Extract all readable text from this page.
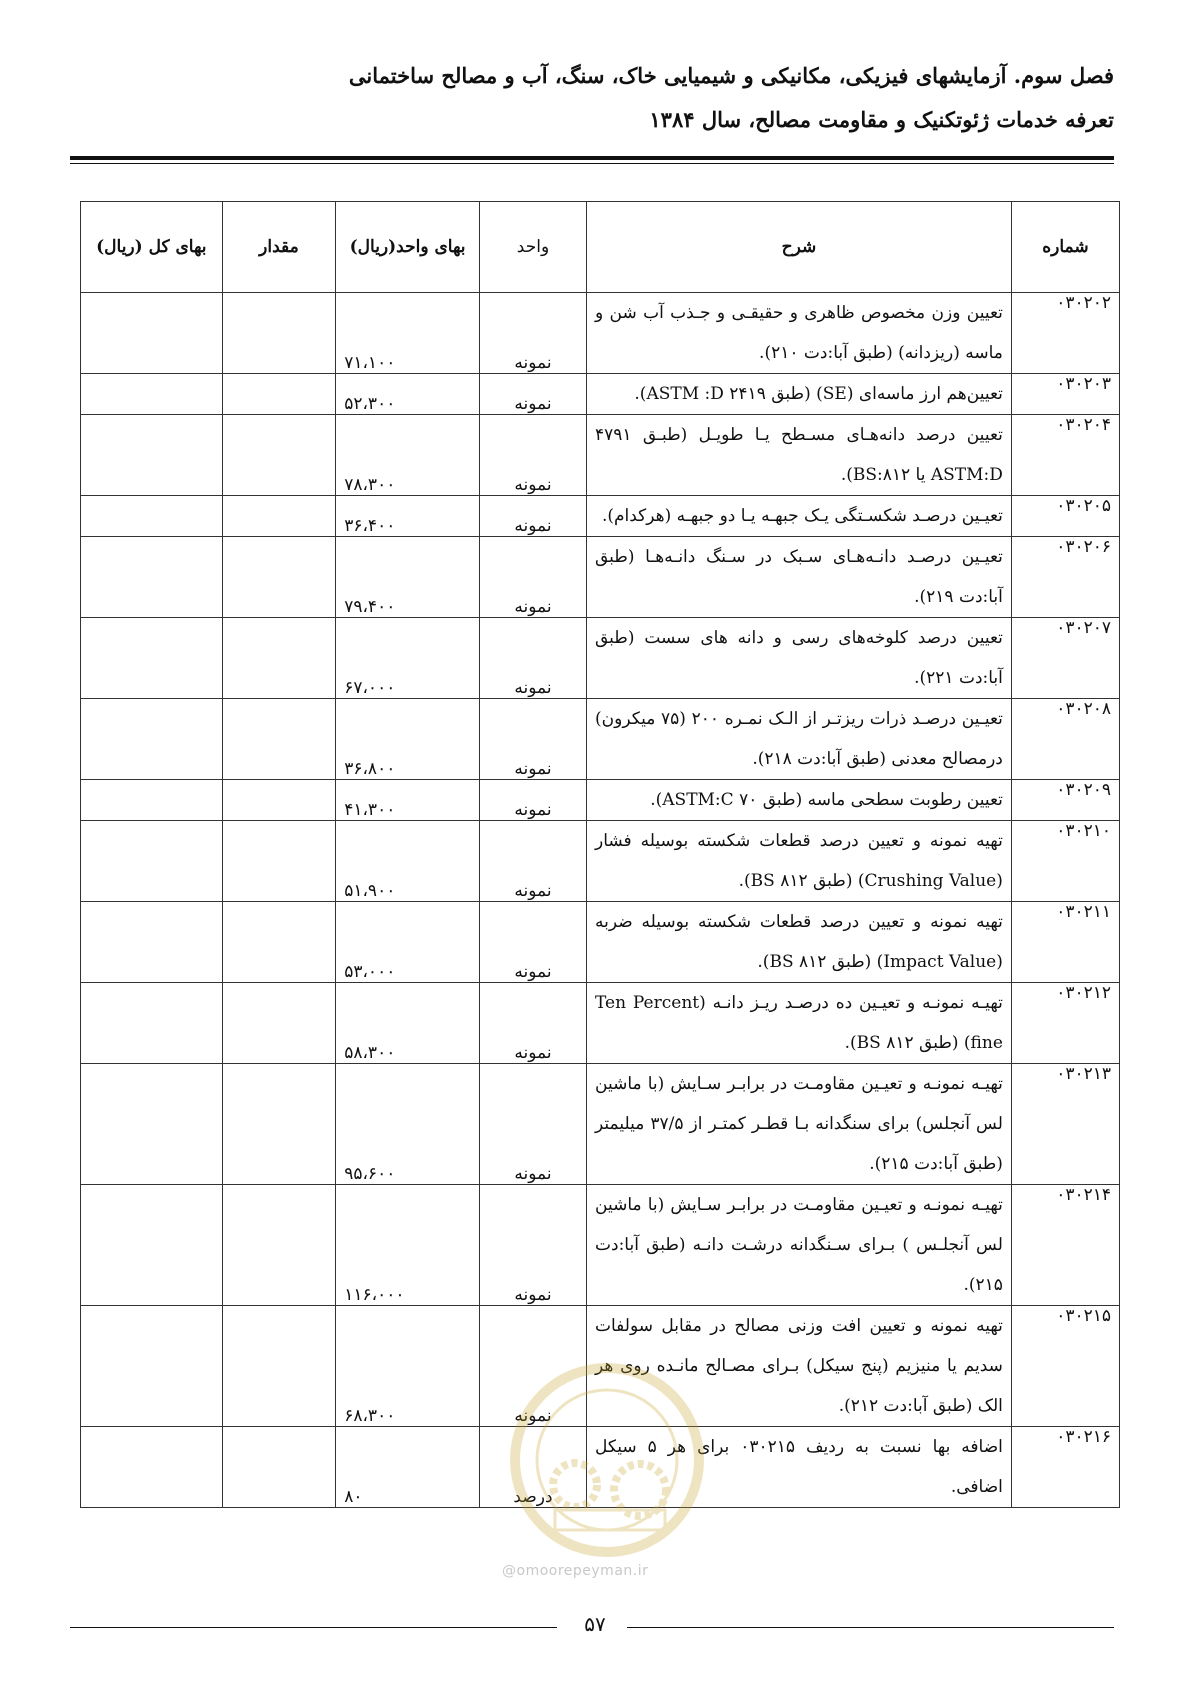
فصل سوم. آزمایشهای فیزیکی، مکانیکی و شیمیایی خاک، سنگ، آب و مصالح ساختمانی

تعرفه خدمات ژئوتکنیک و مقاومت مصالح، سال ۱۳۸۴

شماره	شرح	واحد	بهای واحد(ریال)	مقدار	بهای کل (ریال)
۰۳۰۲۰۲	تعیین وزن مخصوص ظاهری و حقیقـی و جـذب آب شن و ماسه (ریزدانه) (طبق آبا:دت ۲۱۰).	نمونه	۷۱،۱۰۰		
۰۳۰۲۰۳	تعیین‌هم ارز ماسه‌ای (SE) (طبق ۲۴۱۹ ASTM :D).	نمونه	۵۲،۳۰۰		
۰۳۰۲۰۴	تعیین درصد دانه‌هـای مسـطح یـا طویـل (طبـق ۴۷۹۱ ASTM:D یا BS:۸۱۲).	نمونه	۷۸،۳۰۰		
۰۳۰۲۰۵	تعیـین درصـد شکسـتگی یـک جبهـه یـا دو جبهـه (هرکدام).	نمونه	۳۶،۴۰۰		
۰۳۰۲۰۶	تعیـین درصـد دانـه‌هـای سـبک در سـنگ دانـه‌هـا (طبق آبا:دت ۲۱۹).	نمونه	۷۹،۴۰۰		
۰۳۰۲۰۷	تعیین درصد کلوخه‌های رسی و دانه های سست (طبق آبا:دت ۲۲۱).	نمونه	۶۷،۰۰۰		
۰۳۰۲۰۸	تعیـین درصـد ذرات ریزتـر از الـک نمـره ۲۰۰ (۷۵ میکرون) درمصالح معدنی (طبق آبا:دت ۲۱۸).	نمونه	۳۶،۸۰۰		
۰۳۰۲۰۹	تعیین رطوبت سطحی ماسه (طبق ۷۰ ASTM:C).	نمونه	۴۱،۳۰۰		
۰۳۰۲۱۰	تهیه نمونه و تعیین درصد قطعات شکسته بوسیله فشار (Crushing Value) (طبق ۸۱۲ BS).	نمونه	۵۱،۹۰۰		
۰۳۰۲۱۱	تهیه نمونه و تعیین درصد قطعات شکسته بوسیله ضربه (Impact Value) (طبق ۸۱۲ BS).	نمونه	۵۳،۰۰۰		
۰۳۰۲۱۲	تهیـه نمونـه و تعیـین ده درصـد ریـز دانـه (Ten Percent fine) (طبق ۸۱۲ BS).	نمونه	۵۸،۳۰۰		
۰۳۰۲۱۳	تهیـه نمونـه و تعیـین مقاومـت در برابـر سـایش (با ماشین لس آنجلس) برای سنگدانه بـا قطـر کمتـر از ۳۷/۵ میلیمتر (طبق آبا:دت ۲۱۵).	نمونه	۹۵،۶۰۰		
۰۳۰۲۱۴	تهیـه نمونـه و تعیـین مقاومـت در برابـر سـایش (با ماشین لس آنجلـس ) بـرای سـنگدانه درشـت دانـه (طبق آبا:دت ۲۱۵).	نمونه	۱۱۶،۰۰۰		
۰۳۰۲۱۵	تهیه نمونه و تعیین افت وزنی مصالح در مقابل سولفات سدیم یا منیزیم (پنج سیکل) بـرای مصـالح مانـده روی هر الک (طبق آبا:دت ۲۱۲).	نمونه	۶۸،۳۰۰		
۰۳۰۲۱۶	اضافه بها نسبت به ردیف ۰۳۰۲۱۵ برای هر ۵ سیکل اضافی.	درصد	۸۰		
@omoorepeyman.ir
۵۷
